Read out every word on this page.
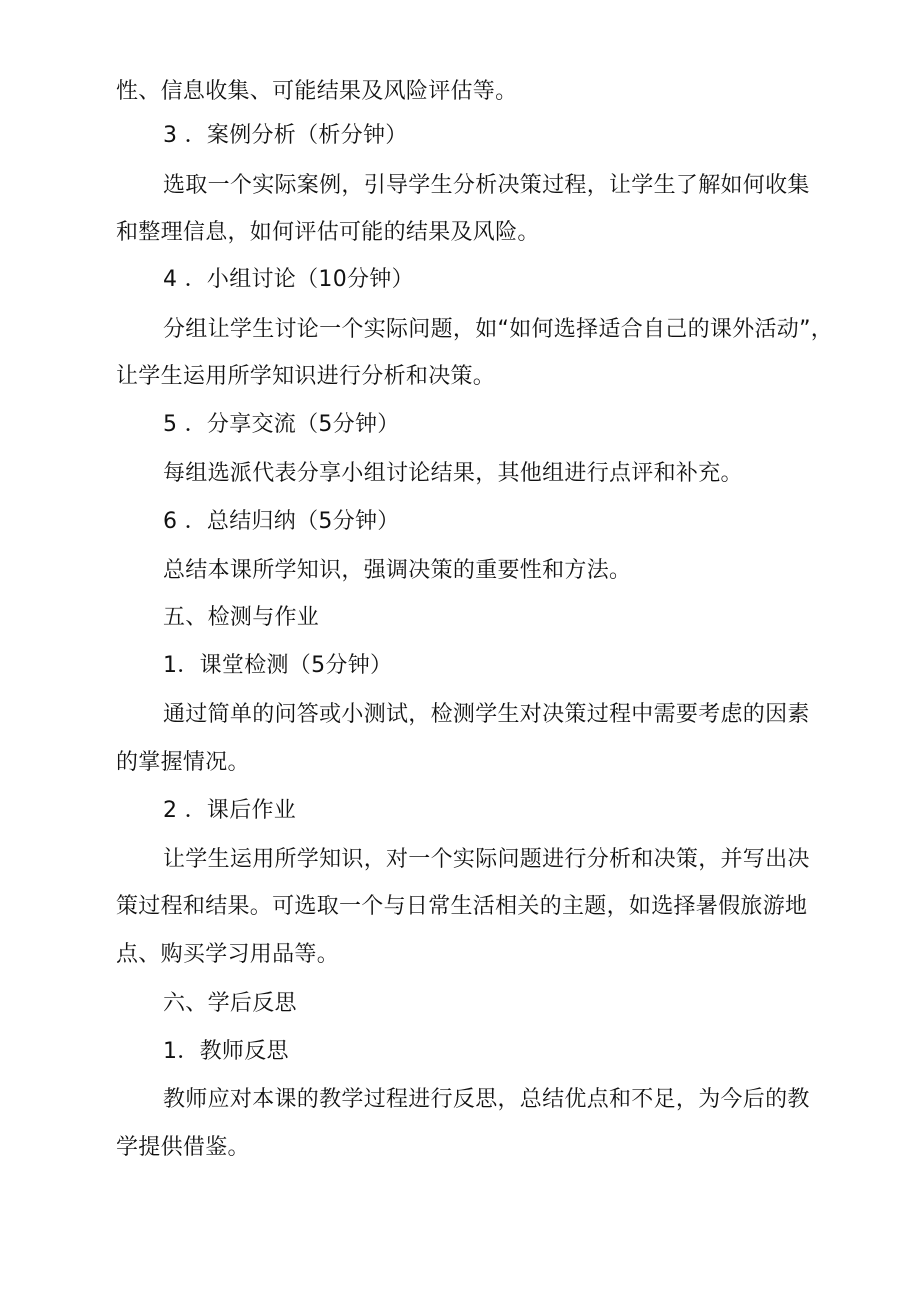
性、信息收集、可能结果及风险评估等。
3 ．案例分析（析分钟）
选取一个实际案例，引导学生分析决策过程，让学生了解如何收集
和整理信息，如何评估可能的结果及风险。
4 ．小组讨论（10分钟）
分组让学生讨论一个实际问题，如“如何选择适合自己的课外活动”，
让学生运用所学知识进行分析和决策。
5 ．分享交流（5分钟）
每组选派代表分享小组讨论结果，其他组进行点评和补充。
6 ．总结归纳（5分钟）
总结本课所学知识，强调决策的重要性和方法。
五、检测与作业
1．课堂检测（5分钟）
通过简单的问答或小测试，检测学生对决策过程中需要考虑的因素
的掌握情况。
2 ．课后作业
让学生运用所学知识，对一个实际问题进行分析和决策，并写出决
策过程和结果。可选取一个与日常生活相关的主题，如选择暑假旅游地
点、购买学习用品等。
六、学后反思
1．教师反思
教师应对本课的教学过程进行反思，总结优点和不足，为今后的教
学提供借鉴。
